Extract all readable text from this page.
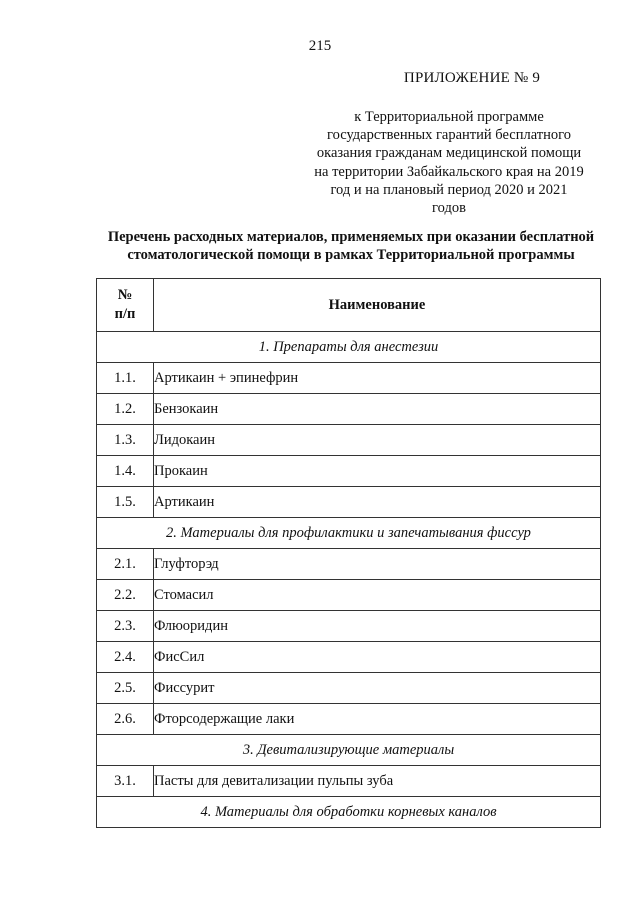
215
ПРИЛОЖЕНИЕ № 9
к Территориальной программе государственных гарантий бесплатного оказания гражданам медицинской помощи на территории Забайкальского края на 2019 год и на плановый период 2020 и 2021 годов
Перечень расходных материалов, применяемых при оказании бесплатной стоматологической помощи в рамках Территориальной программы
№
п/п	Наименование
1. Препараты для анестезии	
1.1.	Артикаин + эпинефрин
1.2.	Бензокаин
1.3.	Лидокаин
1.4.	Прокаин
1.5.	Артикаин
2. Материалы для профилактики и запечатывания фиссур	
2.1.	Глуфторэд
2.2.	Стомасил
2.3.	Флюоридин
2.4.	ФисСил
2.5.	Фиссурит
2.6.	Фторсодержащие лаки
3. Девитализирующие материалы	
3.1.	Пасты для девитализации пульпы зуба
4. Материалы для обработки корневых каналов	
